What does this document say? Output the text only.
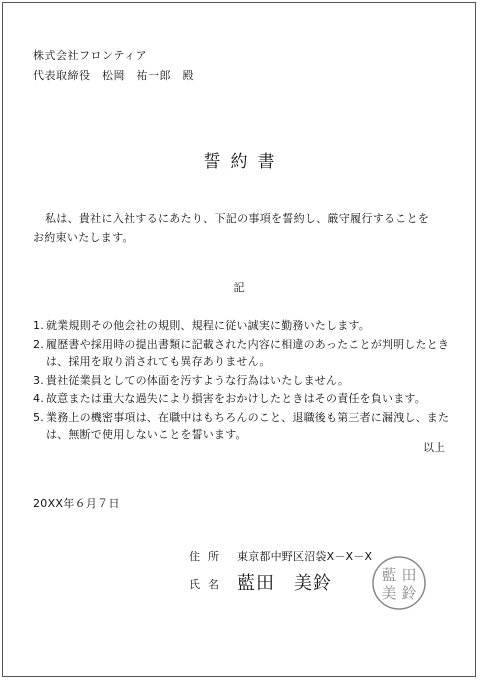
株式会社フロンティア
代表取締役　松岡　祐一郎　殿
誓約書
私は、貴社に入社するにあたり、下記の事項を誓約し、厳守履行することを
お約束いたします。
記
1. 就業規則その他会社の規則、規程に従い誠実に勤務いたします。
2. 履歴書や採用時の提出書類に記載された内容に相違のあったことが判明したときは、採用を取り消されても異存ありません。
3. 貴社従業員としての体面を汚すような行為はいたしません。
4. 故意または重大な過失により損害をおかけしたときはその責任を負います。
5. 業務上の機密事項は、在職中はもちろんのこと、退職後も第三者に漏洩し、または、無断で使用しないことを誓います。
以上
20XX年６月７日
住所 東京都中野区沼袋X－X－X
氏名 藍田　美鈴	藍 田
美 鈴
